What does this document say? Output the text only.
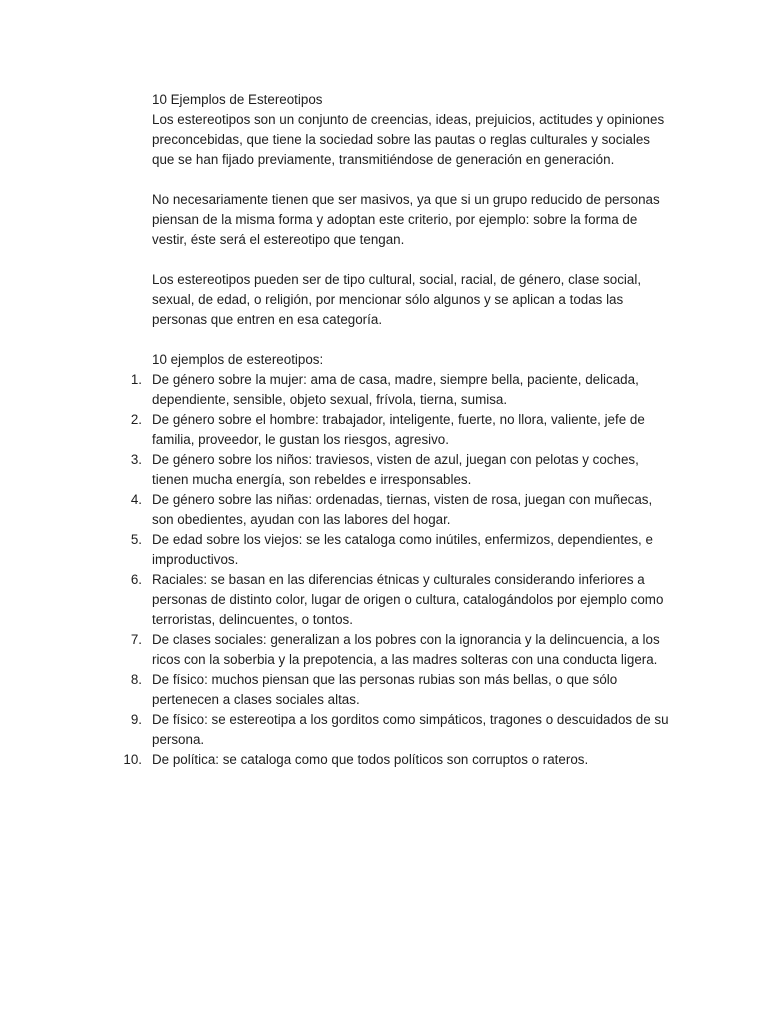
10 Ejemplos de Estereotipos

Los estereotipos son un conjunto de creencias, ideas, prejuicios, actitudes y opiniones preconcebidas, que tiene la sociedad sobre las pautas o reglas culturales y sociales que se han fijado previamente, transmitiéndose de generación en generación.

No necesariamente tienen que ser masivos, ya que si un grupo reducido de personas piensan de la misma forma y adoptan este criterio, por ejemplo: sobre la forma de vestir, éste será el estereotipo que tengan.

Los estereotipos pueden ser de tipo cultural, social, racial, de género, clase social, sexual, de edad, o religión, por mencionar sólo algunos y se aplican a todas las personas que entren en esa categoría.

10 ejemplos de estereotipos:
1. De género sobre la mujer: ama de casa, madre, siempre bella, paciente, delicada, dependiente, sensible, objeto sexual, frívola, tierna, sumisa.
2. De género sobre el hombre: trabajador, inteligente, fuerte, no llora, valiente, jefe de familia, proveedor, le gustan los riesgos, agresivo.
3. De género sobre los niños: traviesos, visten de azul, juegan con pelotas y coches, tienen mucha energía, son rebeldes e irresponsables.
4. De género sobre las niñas: ordenadas, tiernas, visten de rosa, juegan con muñecas, son obedientes, ayudan con las labores del hogar.
5. De edad sobre los viejos: se les cataloga como inútiles, enfermizos, dependientes, e improductivos.
6. Raciales: se basan en las diferencias étnicas y culturales considerando inferiores a personas de distinto color, lugar de origen o cultura, catalogándolos por ejemplo como terroristas, delincuentes, o tontos.
7. De clases sociales: generalizan a los pobres con la ignorancia y la delincuencia, a los ricos con la soberbia y la prepotencia, a las madres solteras con una conducta ligera.
8. De físico: muchos piensan que las personas rubias son más bellas, o que sólo pertenecen a clases sociales altas.
9. De físico: se estereotipa a los gorditos como simpáticos, tragones o descuidados de su persona.
10. De política: se cataloga como que todos políticos son corruptos o rateros.
